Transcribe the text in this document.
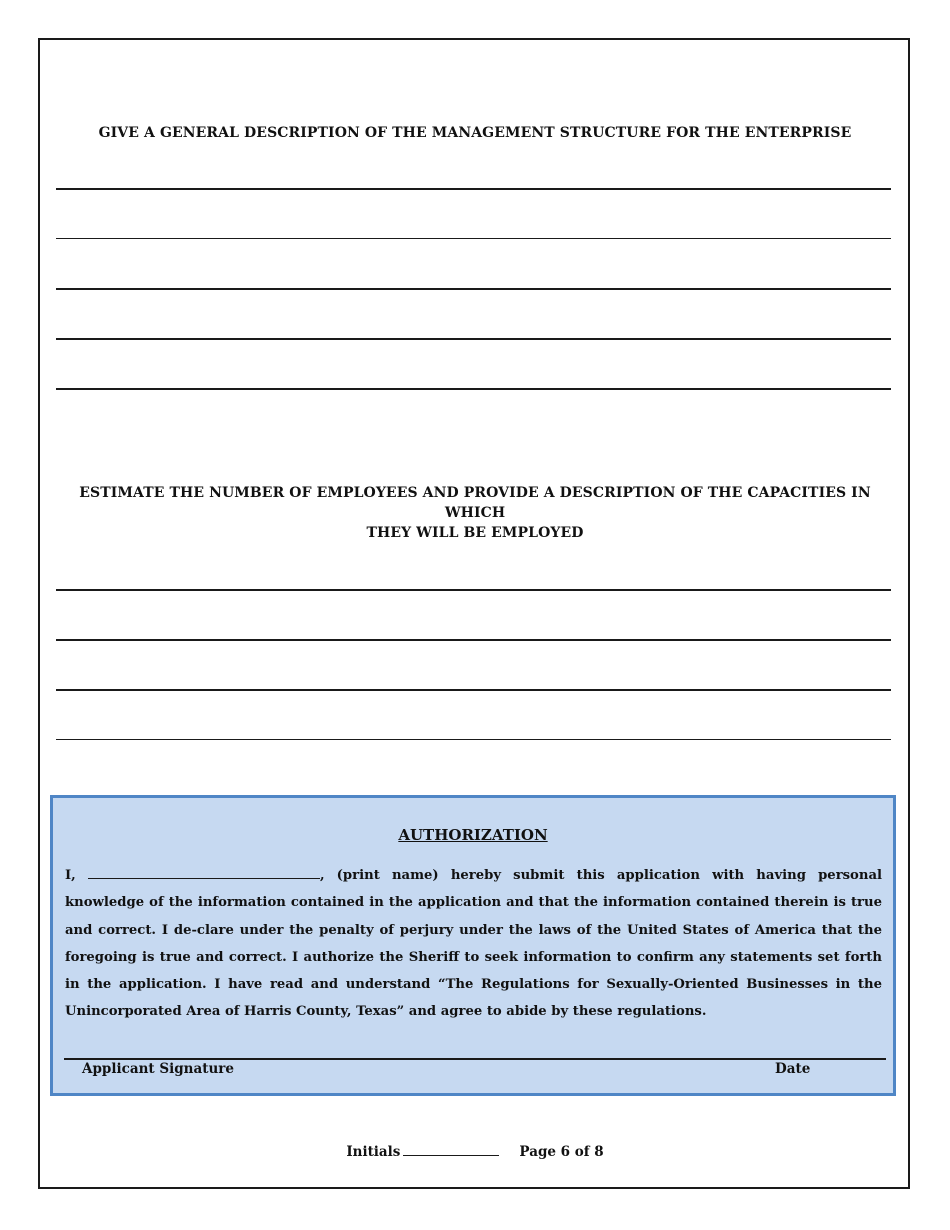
GIVE A GENERAL DESCRIPTION OF THE MANAGEMENT STRUCTURE FOR THE ENTERPRISE
ESTIMATE THE NUMBER OF EMPLOYEES AND PROVIDE A DESCRIPTION OF THE CAPACITIES IN WHICH
THEY WILL BE EMPLOYED
AUTHORIZATION
I,	, (print name) hereby submit this application with having personal knowledge of the information contained in the application and that the information contained therein is true and correct. I de-clare under the penalty of perjury under the laws of the United States of America that the foregoing is true and correct. I authorize the Sheriff to seek information to confirm any statements set forth in the application. I have read and understand “The Regulations for Sexually-Oriented Businesses in the Unincorporated Area of Harris County, Texas” and agree to abide by these regulations.
Applicant Signature	Date
Initials	Page 6 of 8
